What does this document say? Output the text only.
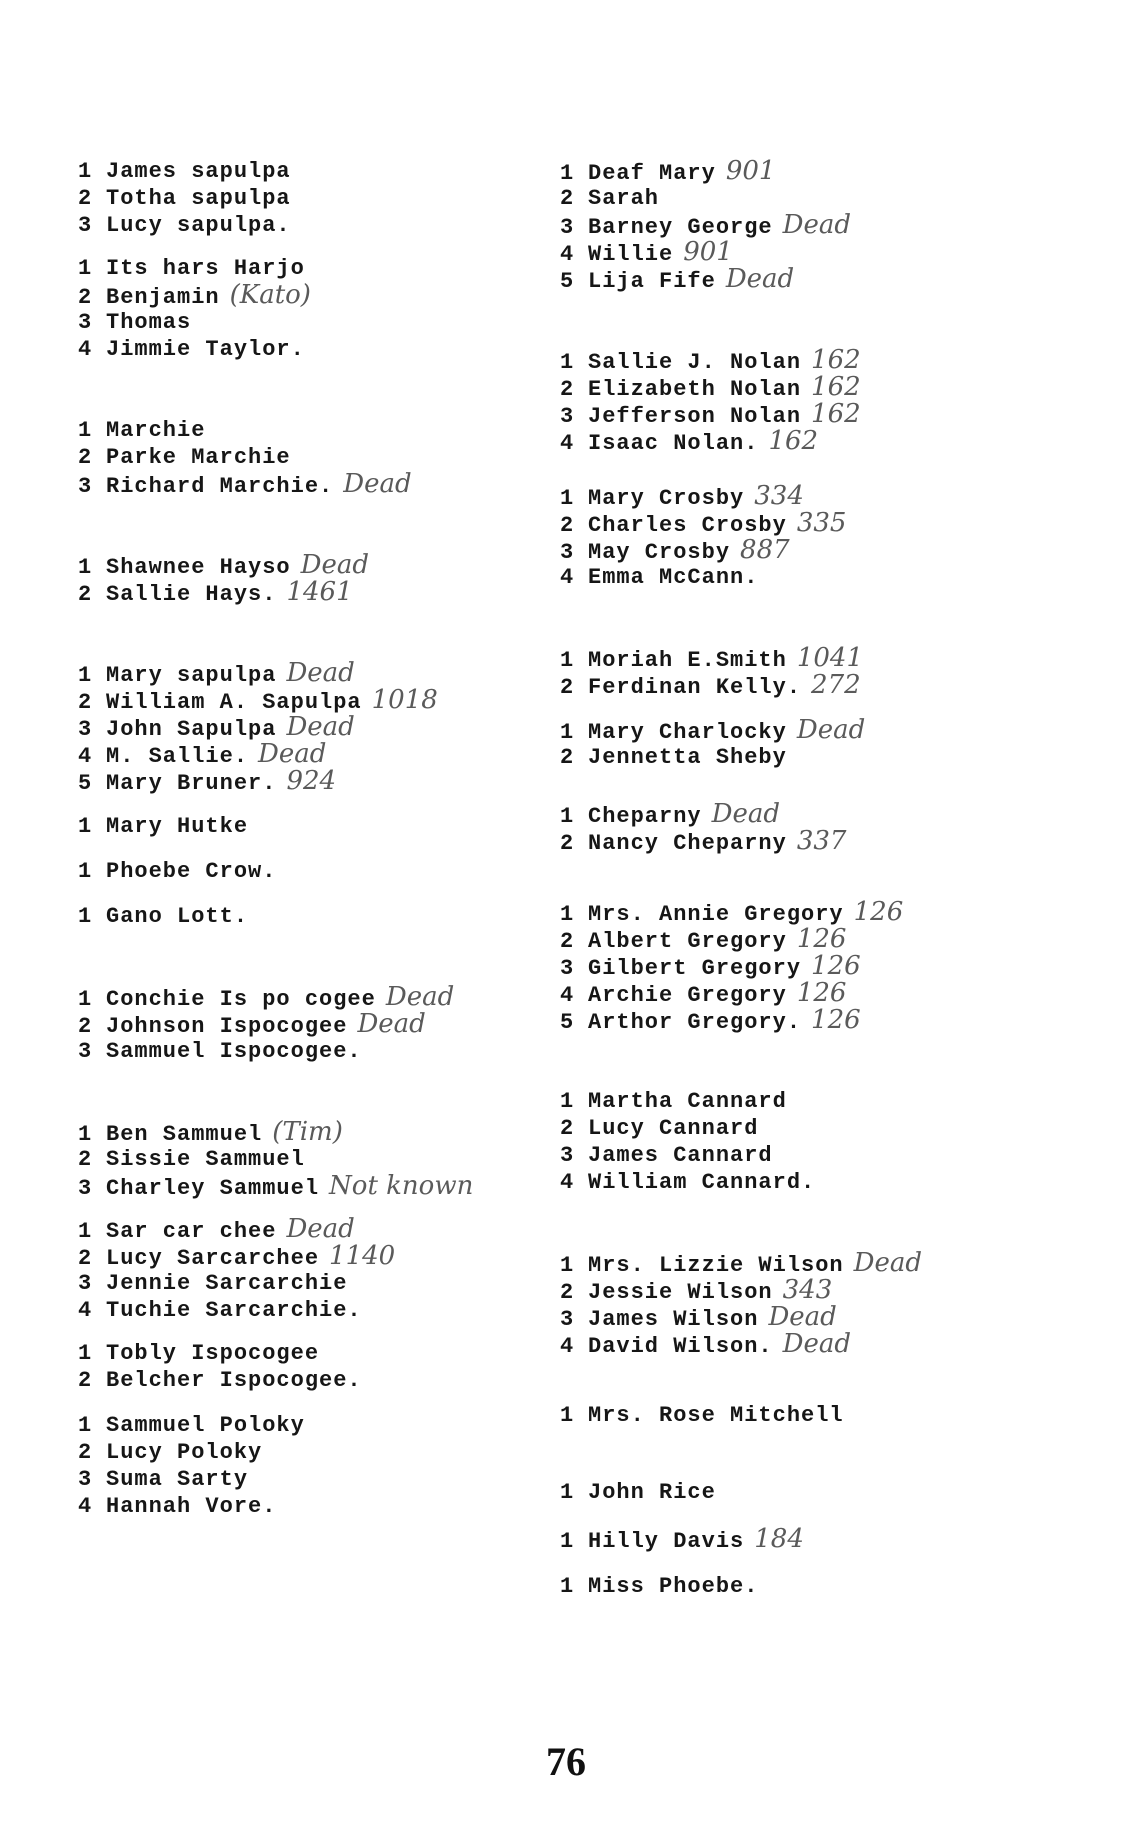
1 James sapulpa
2 Totha sapulpa
3 Lucy sapulpa.
1 Its hars Harjo
2 Benjamin (Kato)
3 Thomas
4 Jimmie Taylor.
1 Marchie
2 Parke Marchie
3 Richard Marchie. Dead
1 Shawnee Hayso Dead
2 Sallie Hays. 1461
1 Mary sapulpa Dead
2 William A. Sapulpa 1018
3 John Sapulpa Dead
4 M. Sallie. Dead
5 Mary Bruner. 924
1 Mary Hutke
1 Phoebe Crow.
1 Gano Lott.
1 Conchie Is po cogee Dead
2 Johnson Ispocogee Dead
3 Sammuel Ispocogee.
1 Ben Sammuel (Tim)
2 Sissie Sammuel
3 Charley Sammuel Not known
1 Sar car chee Dead
2 Lucy Sarcarchee 1140
3 Jennie Sarcarchie
4 Tuchie Sarcarchie.
1 Tobly Ispocogee
2 Belcher Ispocogee.
1 Sammuel Poloky
2 Lucy Poloky
3 Suma Sarty
4 Hannah Vore.
1 Deaf Mary 901
2 Sarah
3 Barney George Dead
4 Willie 901
5 Lija Fife Dead
1 Sallie J. Nolan 162
2 Elizabeth Nolan 162
3 Jefferson Nolan 162
4 Isaac Nolan. 162
1 Mary Crosby 334
2 Charles Crosby 335
3 May Crosby 887
4 Emma McCann.
1 Moriah E.Smith 1041
2 Ferdinan Kelly. 272
1 Mary Charlocky Dead
2 Jennetta Sheby
1 Cheparny Dead
2 Nancy Cheparny 337
1 Mrs. Annie Gregory 126
2 Albert Gregory 126
3 Gilbert Gregory 126
4 Archie Gregory 126
5 Arthor Gregory. 126
1 Martha Cannard
2 Lucy Cannard
3 James Cannard
4 William Cannard.
1 Mrs. Lizzie Wilson Dead
2 Jessie Wilson 343
3 James Wilson Dead
4 David Wilson. Dead
1 Mrs. Rose Mitchell
1 John Rice
1 Hilly Davis 184
1 Miss Phoebe.
76
